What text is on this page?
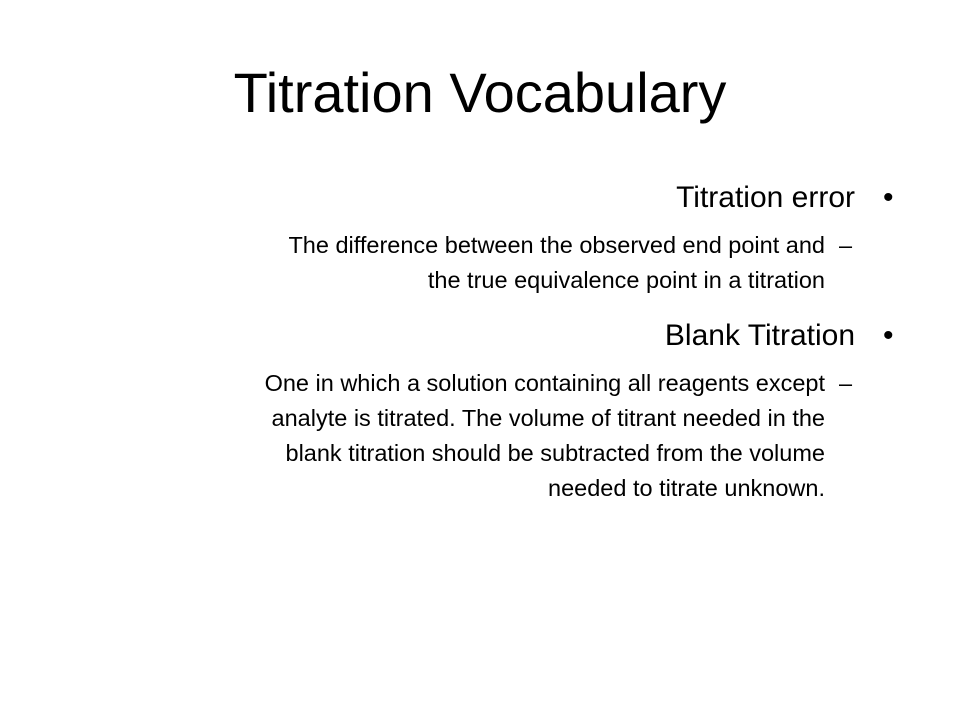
Titration Vocabulary
Titration error •
The difference between the observed end point and
the true equivalence point in a titration
–
Blank Titration •
One in which a solution containing all reagents except
analyte is titrated. The volume of titrant needed in the
blank titration should be subtracted from the volume
needed to titrate unknown.
–
